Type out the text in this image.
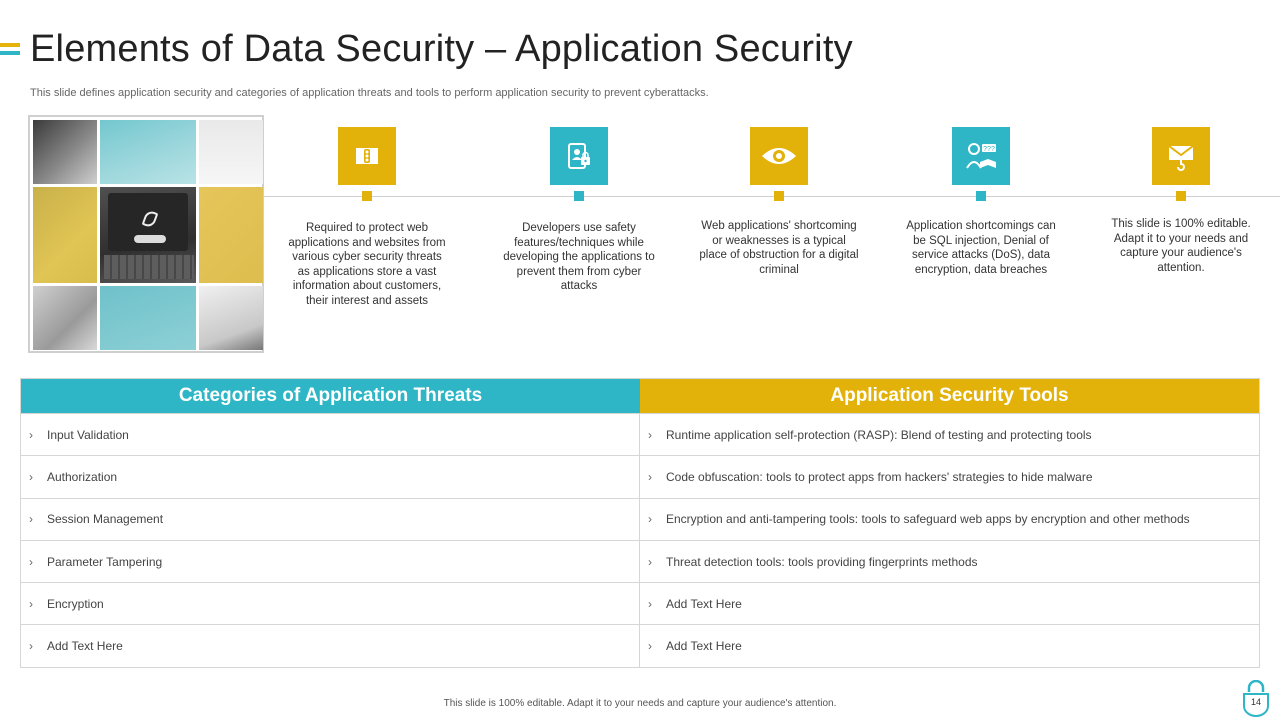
Elements of Data Security – Application Security
This slide defines application security and categories of application threats and tools to perform application security to prevent cyberattacks.
Required to protect web applications and websites from various cyber security threats as applications store a vast information about customers, their interest and assets
Developers use safety features/techniques while developing the applications to prevent them from cyber attacks
Web applications' shortcoming or weaknesses is a typical place of obstruction for a digital criminal
???
Application shortcomings can be SQL injection, Denial of service attacks (DoS), data encryption, data breaches
This slide is 100% editable. Adapt it to your needs and capture your audience's attention.
Categories of Application Threats	Application Security Tools
›	Input Validation	›	Runtime application self-protection (RASP): Blend of testing and protecting tools
›	Authorization	›	Code obfuscation: tools to protect apps from hackers' strategies to hide malware
›	Session Management	›	Encryption and anti-tampering tools: tools to safeguard web apps by encryption and other methods
›	Parameter Tampering	›	Threat detection tools: tools providing fingerprints methods
›	Encryption	›	Add Text Here
›	Add Text Here	›	Add Text Here
This slide is 100% editable. Adapt it to your needs and capture your audience's attention.	14
